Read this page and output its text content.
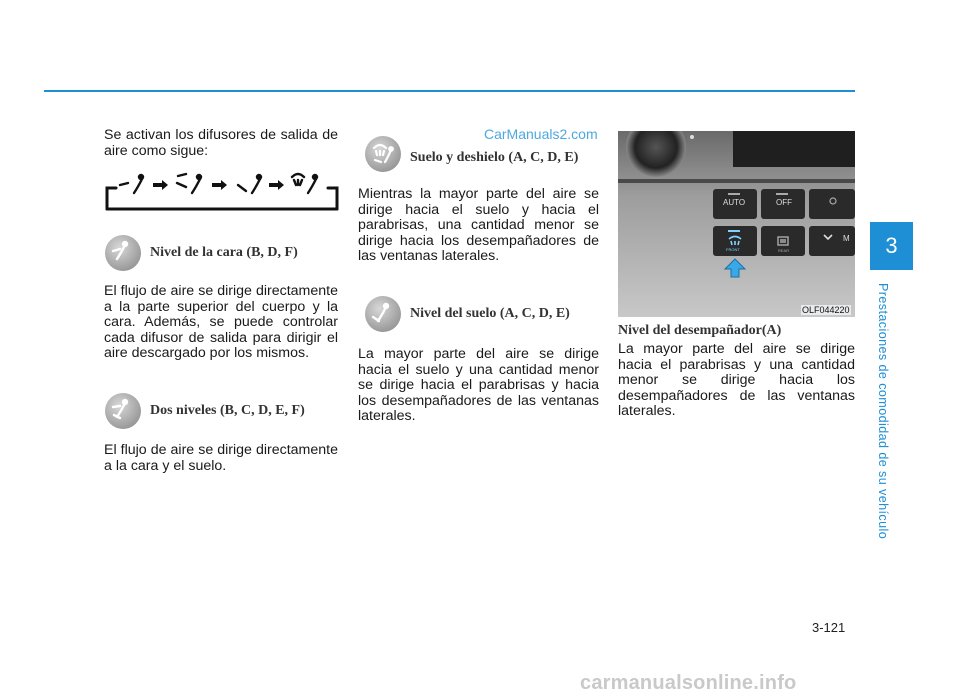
Se activan los difusores de salida de aire como sigue:

Nivel de la cara (B, D, F)

El flujo de aire se dirige directamente a la parte superior del cuerpo y la cara. Además, se puede controlar cada difusor de salida para dirigir el aire descargado por los mismos.

Dos niveles (B, C, D, E, F)

El flujo de aire se dirige directamente a la cara y el suelo.

CarManuals2.com
Suelo y deshielo (A, C, D, E)

Mientras la mayor parte del aire se dirige hacia el suelo y hacia el parabrisas, una cantidad menor se dirige hacia los desempañadores de las ventanas laterales.

Nivel del suelo (A, C, D, E)

La mayor parte del aire se dirige hacia el suelo y una cantidad menor se dirige hacia el parabrisas y hacia los desempañadores de las ventanas laterales.

AUTO	OFF
FRONT	REAR
M
OLF044220
Nivel del desempañador(A)

La mayor parte del aire se dirige hacia el parabrisas y una cantidad menor se dirige hacia los desempañadores de las ventanas laterales.

3
Prestaciones de comodidad de su vehículo
3-121
carmanualsonline.info
